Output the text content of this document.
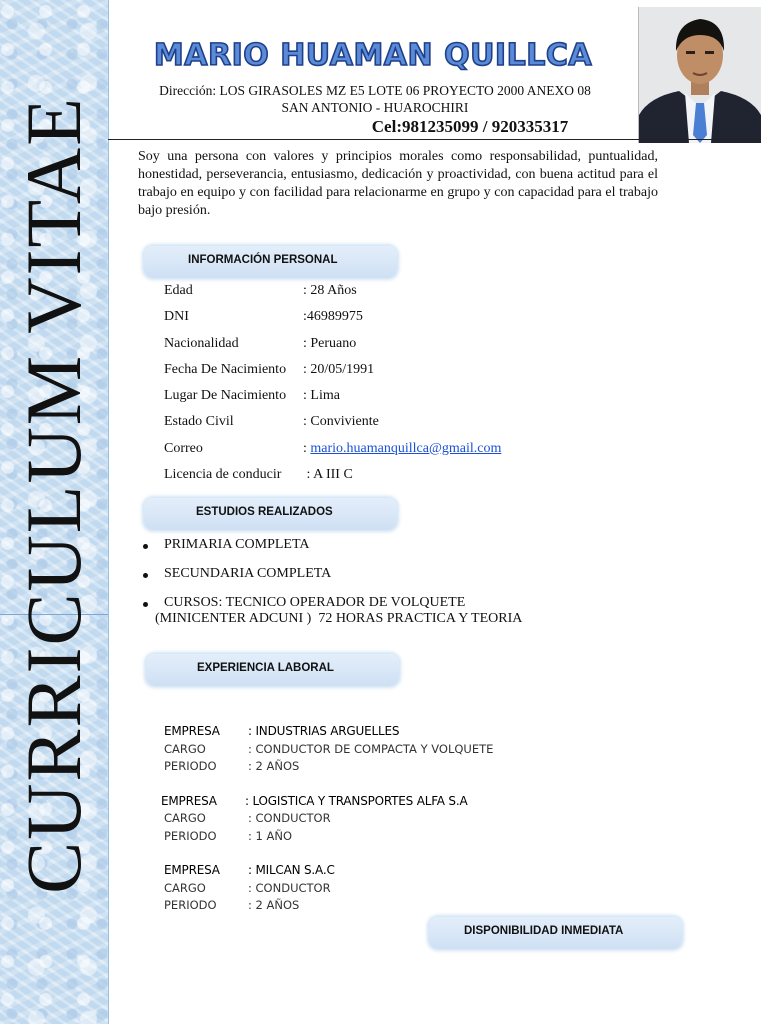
CURRICULUM VITAE
MARIO HUAMAN QUILLCA
Dirección: LOS GIRASOLES MZ E5 LOTE 06 PROYECTO 2000 ANEXO 08
SAN ANTONIO - HUAROCHIRI
Cel:981235099 / 920335317
Soy una persona con valores y principios morales como responsabilidad, puntualidad, honestidad, perseverancia, entusiasmo, dedicación y proactividad, con buena actitud para el trabajo en equipo y con facilidad para relacionarme en grupo y con capacidad para el trabajo bajo presión.
INFORMACIÓN PERSONAL
Edad	: 28 Años
DNI	:46989975
Nacionalidad	: Peruano
Fecha De Nacimiento : 20/05/1991
Lugar De Nacimiento : Lima
Estado Civil	: Conviviente
Correo	: mario.huamanquillca@gmail.com
Licencia de conducir : A III C
ESTUDIOS REALIZADOS
PRIMARIA COMPLETA
SECUNDARIA COMPLETA
CURSOS: TECNICO OPERADOR DE VOLQUETE
(MINICENTER ADCUNI )  72 HORAS PRACTICA Y TEORIA
EXPERIENCIA LABORAL
EMPRESA : INDUSTRIAS ARGUELLES
CARGO	: CONDUCTOR DE COMPACTA Y VOLQUETE
PERIODO	: 2 AÑOS
EMPRESA : LOGISTICA Y TRANSPORTES ALFA S.A
CARGO	: CONDUCTOR
PERIODO	: 1 AÑO
EMPRESA : MILCAN S.A.C
CARGO	: CONDUCTOR
PERIODO	: 2 AÑOS
DISPONIBILIDAD INMEDIATA
